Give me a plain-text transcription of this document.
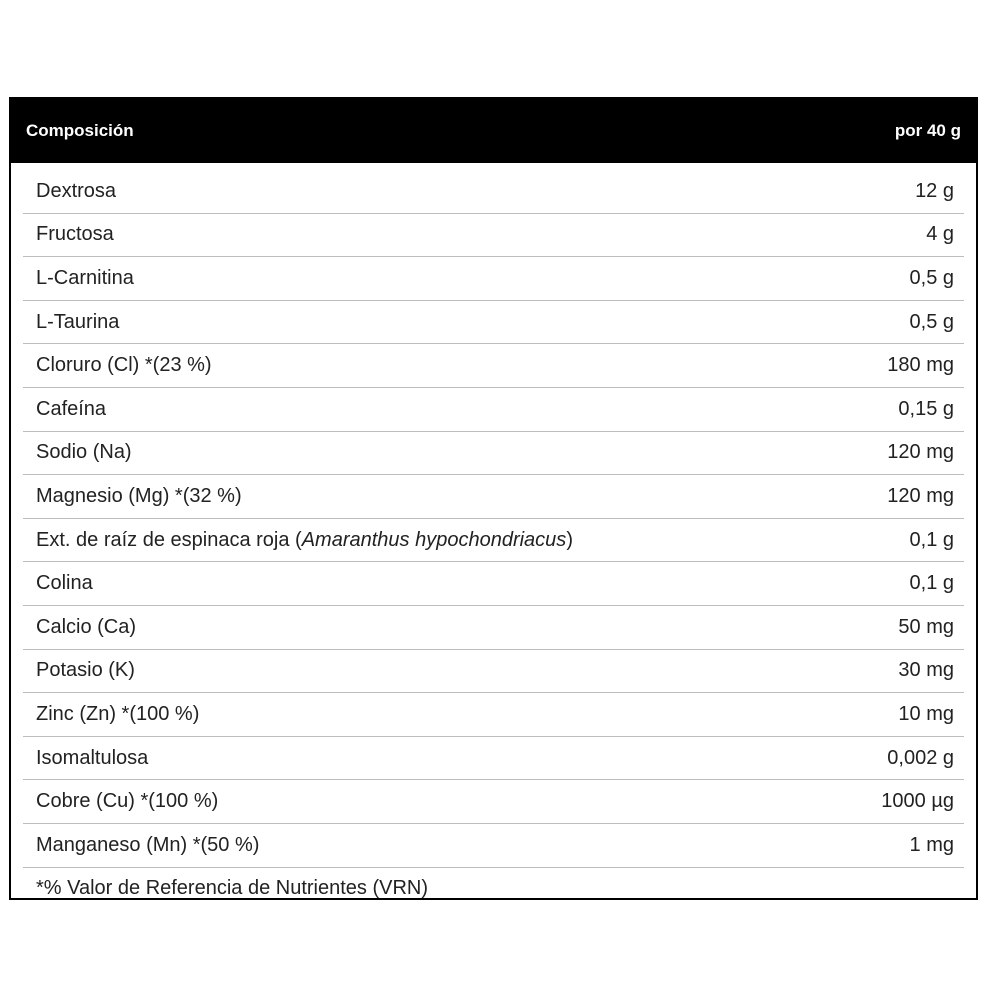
Composición	por 40 g
Dextrosa	12 g
Fructosa	4 g
L-Carnitina	0,5 g
L-Taurina	0,5 g
Cloruro (Cl) *(23 %)	180 mg
Cafeína	0,15 g
Sodio (Na)	120 mg
Magnesio (Mg) *(32 %)	120 mg
Ext. de raíz de espinaca roja (Amaranthus hypochondriacus)	0,1 g
Colina	0,1 g
Calcio (Ca)	50 mg
Potasio (K)	30 mg
Zinc (Zn) *(100 %)	10 mg
Isomaltulosa	0,002 g
Cobre (Cu) *(100 %)	1000 µg
Manganeso (Mn) *(50 %)	1 mg
*% Valor de Referencia de Nutrientes (VRN)
